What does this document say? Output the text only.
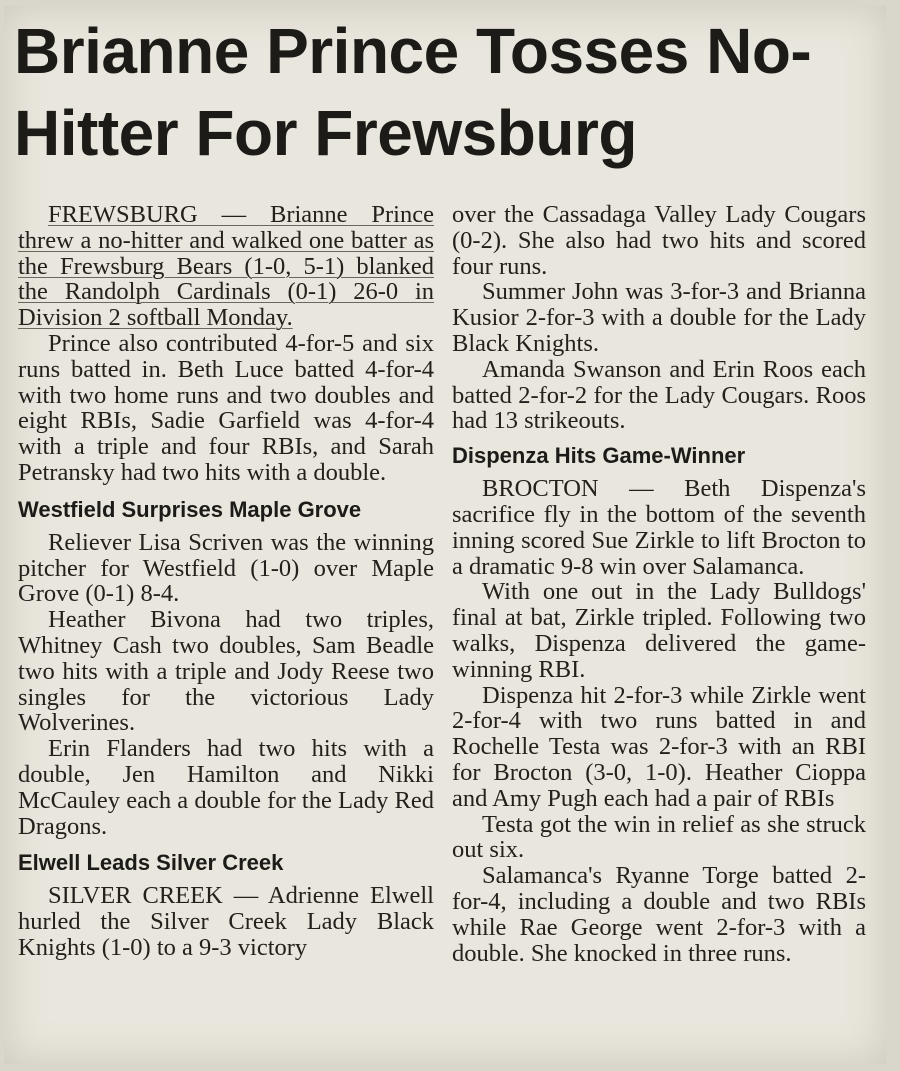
Brianne Prince Tosses No-Hitter For Frewsburg

FREWSBURG — Brianne Prince threw a no-hitter and walked one batter as the Frewsburg Bears (1-0, 5-1) blanked the Randolph Cardinals (0-1) 26-0 in Division 2 softball Monday.

Prince also contributed 4-for-5 and six runs batted in. Beth Luce batted 4-for-4 with two home runs and two doubles and eight RBIs, Sadie Garfield was 4-for-4 with a triple and four RBIs, and Sarah Petransky had two hits with a double.

Westfield Surprises Maple Grove

Reliever Lisa Scriven was the winning pitcher for Westfield (1-0) over Maple Grove (0-1) 8-4.

Heather Bivona had two triples, Whitney Cash two doubles, Sam Beadle two hits with a triple and Jody Reese two singles for the victorious Lady Wolverines.

Erin Flanders had two hits with a double, Jen Hamilton and Nikki McCauley each a double for the Lady Red Dragons.

Elwell Leads Silver Creek

SILVER CREEK — Adrienne Elwell hurled the Silver Creek Lady Black Knights (1-0) to a 9-3 victory

over the Cassadaga Valley Lady Cougars (0-2). She also had two hits and scored four runs.

Summer John was 3-for-3 and Brianna Kusior 2-for-3 with a double for the Lady Black Knights.

Amanda Swanson and Erin Roos each batted 2-for-2 for the Lady Cougars. Roos had 13 strikeouts.

Dispenza Hits Game-Winner

BROCTON — Beth Dispenza's sacrifice fly in the bottom of the seventh inning scored Sue Zirkle to lift Brocton to a dramatic 9-8 win over Salamanca.

With one out in the Lady Bulldogs' final at bat, Zirkle tripled. Following two walks, Dispenza delivered the game-winning RBI.

Dispenza hit 2-for-3 while Zirkle went 2-for-4 with two runs batted in and Rochelle Testa was 2-for-3 with an RBI for Brocton (3-0, 1-0). Heather Cioppa and Amy Pugh each had a pair of RBIs

Testa got the win in relief as she struck out six.

Salamanca's Ryanne Torge batted 2-for-4, including a double and two RBIs while Rae George went 2-for-3 with a double. She knocked in three runs.
